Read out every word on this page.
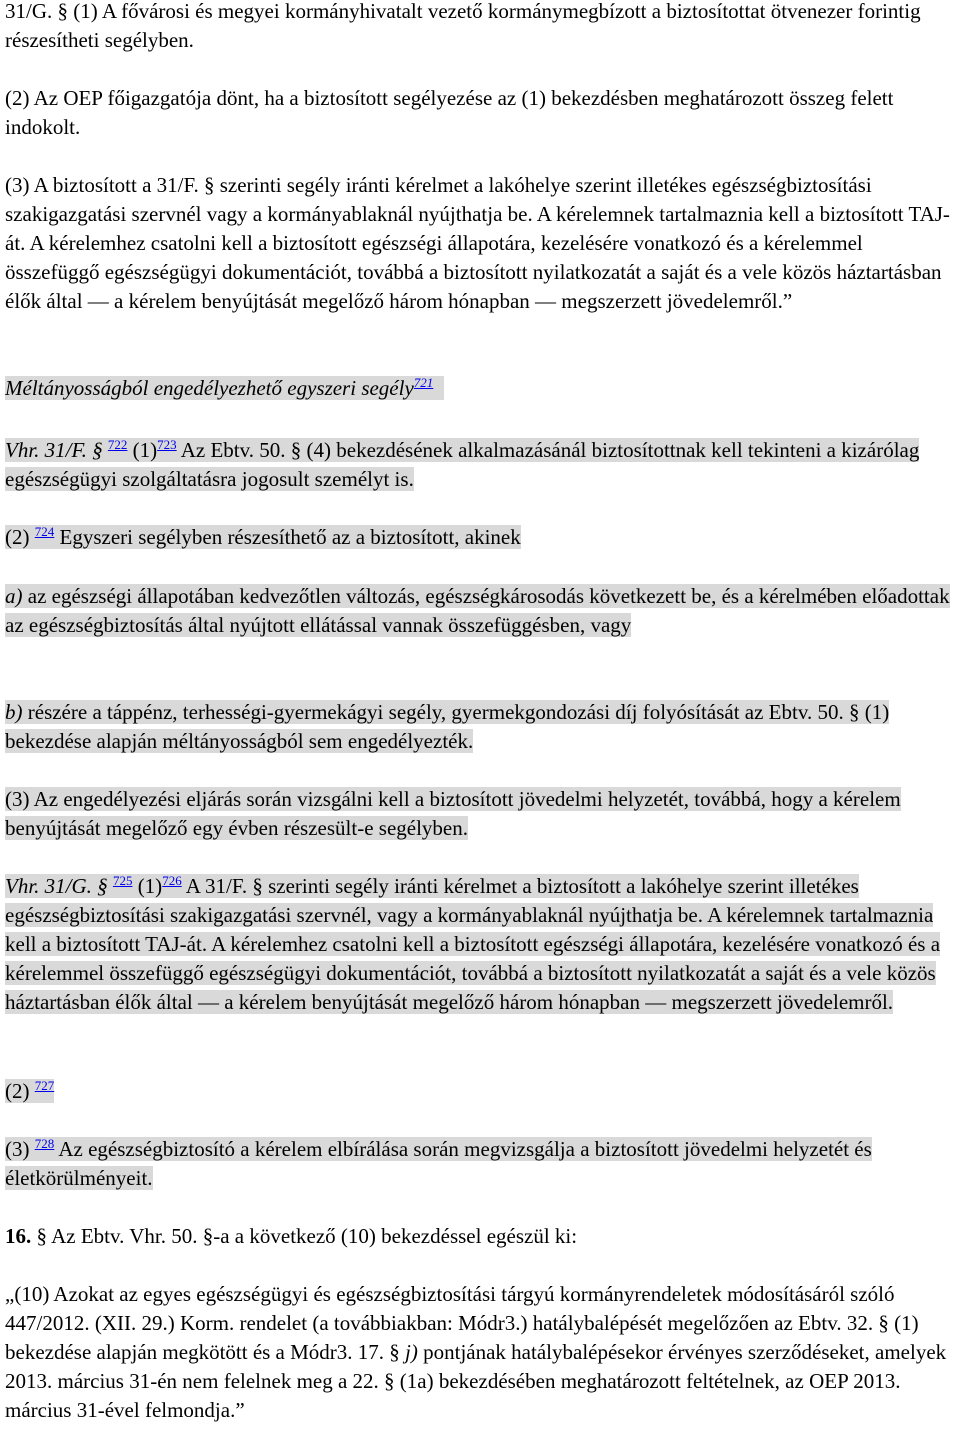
31/G. § (1) A fővárosi és megyei kormányhivatalt vezető kormánymegbízott a biztosítottat ötvenezer forintig részesítheti segélyben.

(2) Az OEP főigazgatója dönt, ha a biztosított segélyezése az (1) bekezdésben meghatározott összeg felett indokolt.

(3) A biztosított a 31/F. § szerinti segély iránti kérelmet a lakóhelye szerint illetékes egészségbiztosítási szakigazgatási szervnél vagy a kormányablaknál nyújthatja be. A kérelemnek tartalmaznia kell a biztosított TAJ-át. A kérelemhez csatolni kell a biztosított egészségi állapotára, kezelésére vonatkozó és a kérelemmel összefüggő egészségügyi dokumentációt, továbbá a biztosított nyilatkozatát a saját és a vele közös háztartásban élők által — a kérelem benyújtását megelőző három hónapban — megszerzett jövedelemről.”

Méltányosságból engedélyezhető egyszeri segély$^{721}$

Vhr. 31/F. § $^{722}$ (1)$^{723}$ Az Ebtv. 50. § (4) bekezdésének alkalmazásánál biztosítottnak kell tekinteni a kizárólag egészségügyi szolgáltatásra jogosult személyt is.

(2) $^{724}$ Egyszeri segélyben részesíthető az a biztosított, akinek

a) az egészségi állapotában kedvezőtlen változás, egészségkárosodás következett be, és a kérelmében előadottak az egészségbiztosítás által nyújtott ellátással vannak összefüggésben, vagy

b) részére a táppénz, terhességi-gyermekágyi segély, gyermekgondozási díj folyósítását az Ebtv. 50. § (1) bekezdése alapján méltányosságból sem engedélyezték.

(3) Az engedélyezési eljárás során vizsgálni kell a biztosított jövedelmi helyzetét, továbbá, hogy a kérelem benyújtását megelőző egy évben részesült-e segélyben.

Vhr. 31/G. § $^{725}$ (1)$^{726}$ A 31/F. § szerinti segély iránti kérelmet a biztosított a lakóhelye szerint illetékes egészségbiztosítási szakigazgatási szervnél, vagy a kormányablaknál nyújthatja be. A kérelemnek tartalmaznia kell a biztosított TAJ-át. A kérelemhez csatolni kell a biztosított egészségi állapotára, kezelésére vonatkozó és a kérelemmel összefüggő egészségügyi dokumentációt, továbbá a biztosított nyilatkozatát a saját és a vele közös háztartásban élők által — a kérelem benyújtását megelőző három hónapban — megszerzett jövedelemről.

(2) $^{727}$

(3) $^{728}$ Az egészségbiztosító a kérelem elbírálása során megvizsgálja a biztosított jövedelmi helyzetét és életkörülményeit.

16. § Az Ebtv. Vhr. 50. §-a a következő (10) bekezdéssel egészül ki:

„(10) Azokat az egyes egészségügyi és egészségbiztosítási tárgyú kormányrendeletek módosításáról szóló 447/2012. (XII. 29.) Korm. rendelet (a továbbiakban: Módr3.) hatálybalépését megelőzően az Ebtv. 32. § (1) bekezdése alapján megkötött és a Módr3. 17. § j) pontjának hatálybalépésekor érvényes szerződéseket, amelyek 2013. március 31-én nem felelnek meg a 22. § (1a) bekezdésében meghatározott feltételnek, az OEP 2013. március 31-ével felmondja.”
